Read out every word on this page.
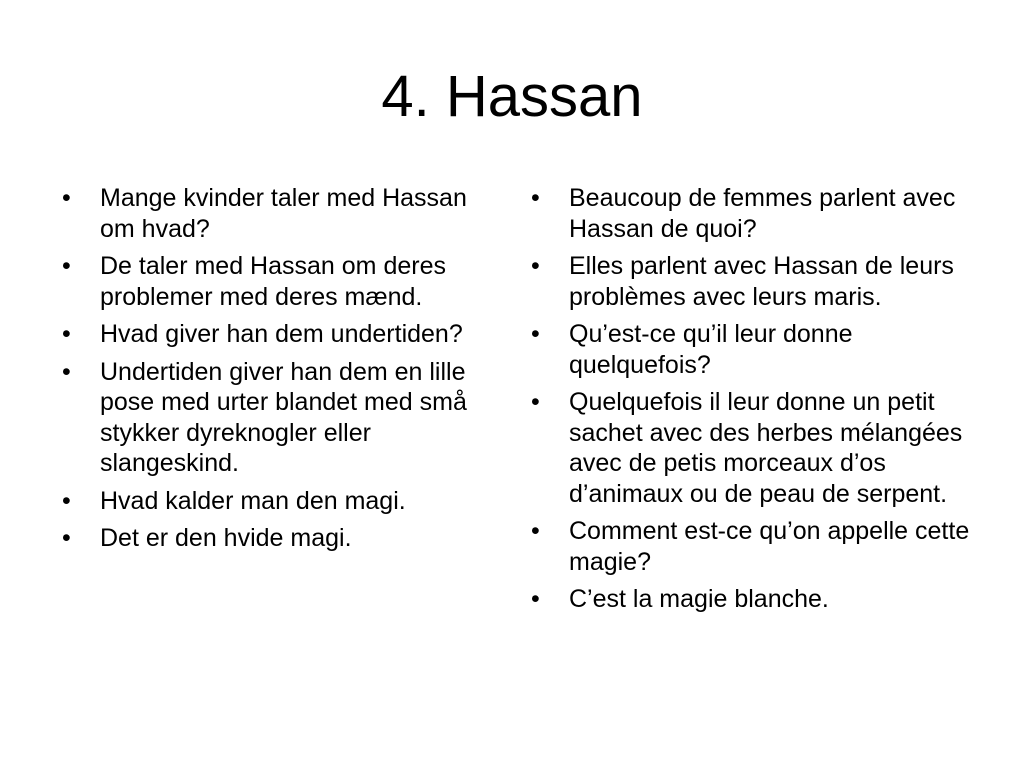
4. Hassan
•	Mange kvinder taler med Hassan om hvad?
•	De taler med Hassan om deres problemer med deres mænd.
•	Hvad giver han dem undertiden?
•	Undertiden giver han dem en lille pose med urter blandet med små stykker dyreknogler eller slangeskind.
•	Hvad kalder man den magi.
•	Det er den hvide magi.
•	Beaucoup de femmes parlent avec Hassan de quoi?
•	Elles parlent avec Hassan de leurs problèmes avec leurs maris.
•	Qu’est-ce qu’il leur donne quelquefois?
•	Quelquefois il leur donne un petit sachet avec des herbes mélangées avec de petis morceaux d’os d’animaux ou de peau de serpent.
•	Comment est-ce qu’on appelle cette magie?
•	C’est la magie blanche.
